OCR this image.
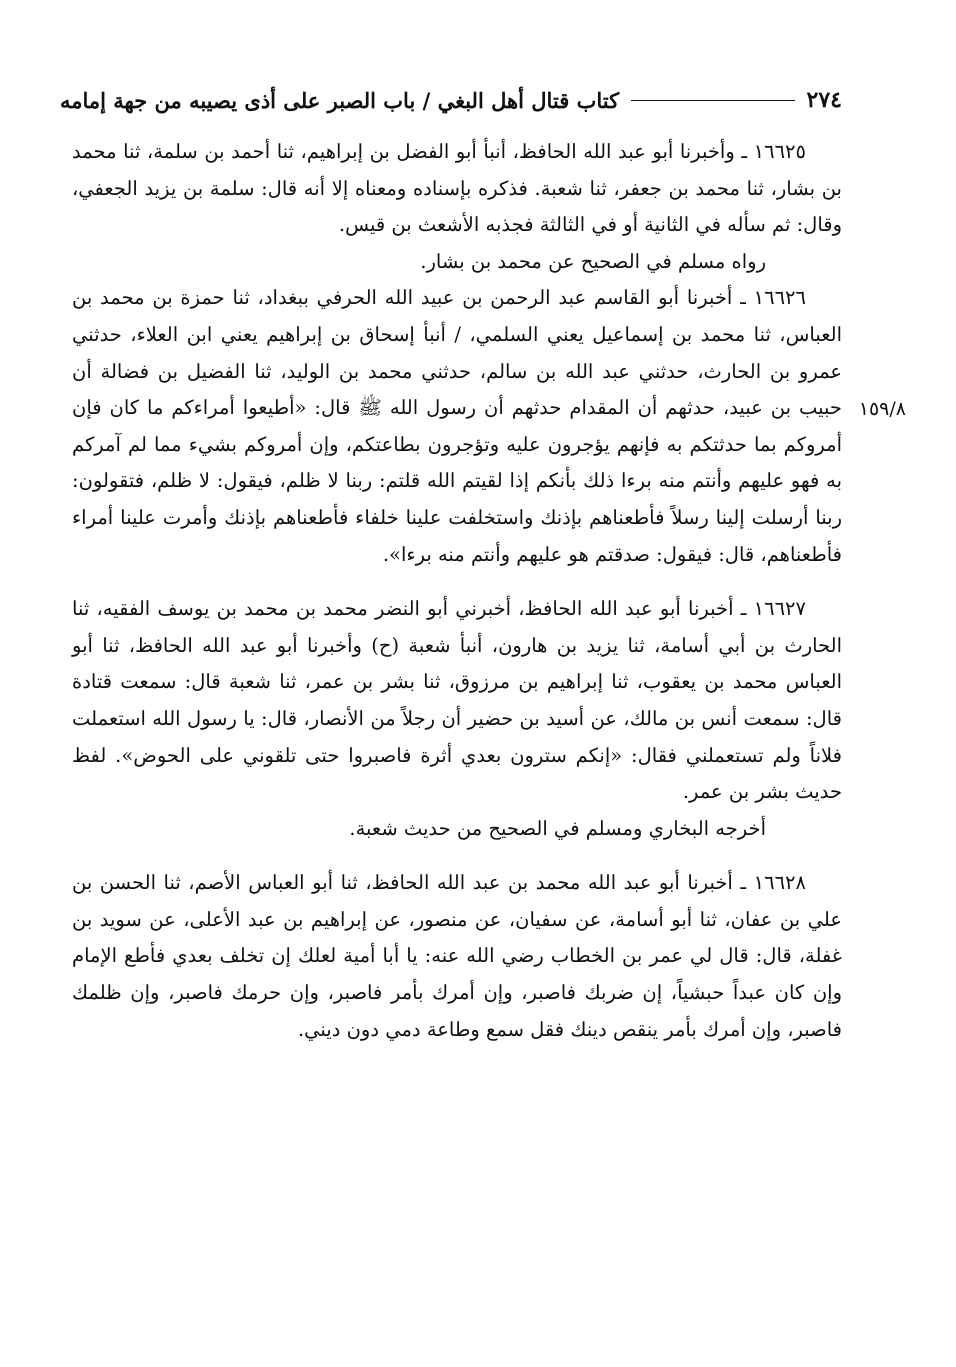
٢٧٤
كتاب قتال أهل البغي / باب الصبر على أذى يصيبه من جهة إمامه
١٥٩/٨

١٦٦٢٥ ـ وأخبرنا أبو عبد الله الحافظ، أنبأ أبو الفضل بن إبراهيم، ثنا أحمد بن سلمة، ثنا محمد بن بشار، ثنا محمد بن جعفر، ثنا شعبة. فذكره بإسناده ومعناه إلا أنه قال: سلمة بن يزيد الجعفي، وقال: ثم سأله في الثانية أو في الثالثة فجذبه الأشعث بن قيس.

رواه مسلم في الصحيح عن محمد بن بشار.

١٦٦٢٦ ـ أخبرنا أبو القاسم عبد الرحمن بن عبيد الله الحرفي ببغداد، ثنا حمزة بن محمد بن العباس، ثنا محمد بن إسماعيل يعني السلمي، / أنبأ إسحاق بن إبراهيم يعني ابن العلاء، حدثني عمرو بن الحارث، حدثني عبد الله بن سالم، حدثني محمد بن الوليد، ثنا الفضيل بن فضالة أن حبيب بن عبيد، حدثهم أن المقدام حدثهم أن رسول الله ﷺ قال: «أطيعوا أمراءكم ما كان فإن أمروكم بما حدثتكم به فإنهم يؤجرون عليه وتؤجرون بطاعتكم، وإن أمروكم بشيء مما لم آمركم به فهو عليهم وأنتم منه برءا ذلك بأنكم إذا لقيتم الله قلتم: ربنا لا ظلم، فيقول: لا ظلم، فتقولون: ربنا أرسلت إلينا رسلاً فأطعناهم بإذنك واستخلفت علينا خلفاء فأطعناهم بإذنك وأمرت علينا أمراء فأطعناهم، قال: فيقول: صدقتم هو عليهم وأنتم منه برءا».

١٦٦٢٧ ـ أخبرنا أبو عبد الله الحافظ، أخبرني أبو النضر محمد بن محمد بن يوسف الفقيه، ثنا الحارث بن أبي أسامة، ثنا يزيد بن هارون، أنبأ شعبة (ح) وأخبرنا أبو عبد الله الحافظ، ثنا أبو العباس محمد بن يعقوب، ثنا إبراهيم بن مرزوق، ثنا بشر بن عمر، ثنا شعبة قال: سمعت قتادة قال: سمعت أنس بن مالك، عن أسيد بن حضير أن رجلاً من الأنصار، قال: يا رسول الله استعملت فلاناً ولم تستعملني فقال: «إنكم سترون بعدي أثرة فاصبروا حتى تلقوني على الحوض». لفظ حديث بشر بن عمر.

أخرجه البخاري ومسلم في الصحيح من حديث شعبة.

١٦٦٢٨ ـ أخبرنا أبو عبد الله محمد بن عبد الله الحافظ، ثنا أبو العباس الأصم، ثنا الحسن بن علي بن عفان، ثنا أبو أسامة، عن سفيان، عن منصور، عن إبراهيم بن عبد الأعلى، عن سويد بن غفلة، قال: قال لي عمر بن الخطاب رضي الله عنه: يا أبا أمية لعلك إن تخلف بعدي فأطع الإمام وإن كان عبداً حبشياً، إن ضربك فاصبر، وإن أمرك بأمر فاصبر، وإن حرمك فاصبر، وإن ظلمك فاصبر، وإن أمرك بأمر ينقص دينك فقل سمع وطاعة دمي دون ديني.
